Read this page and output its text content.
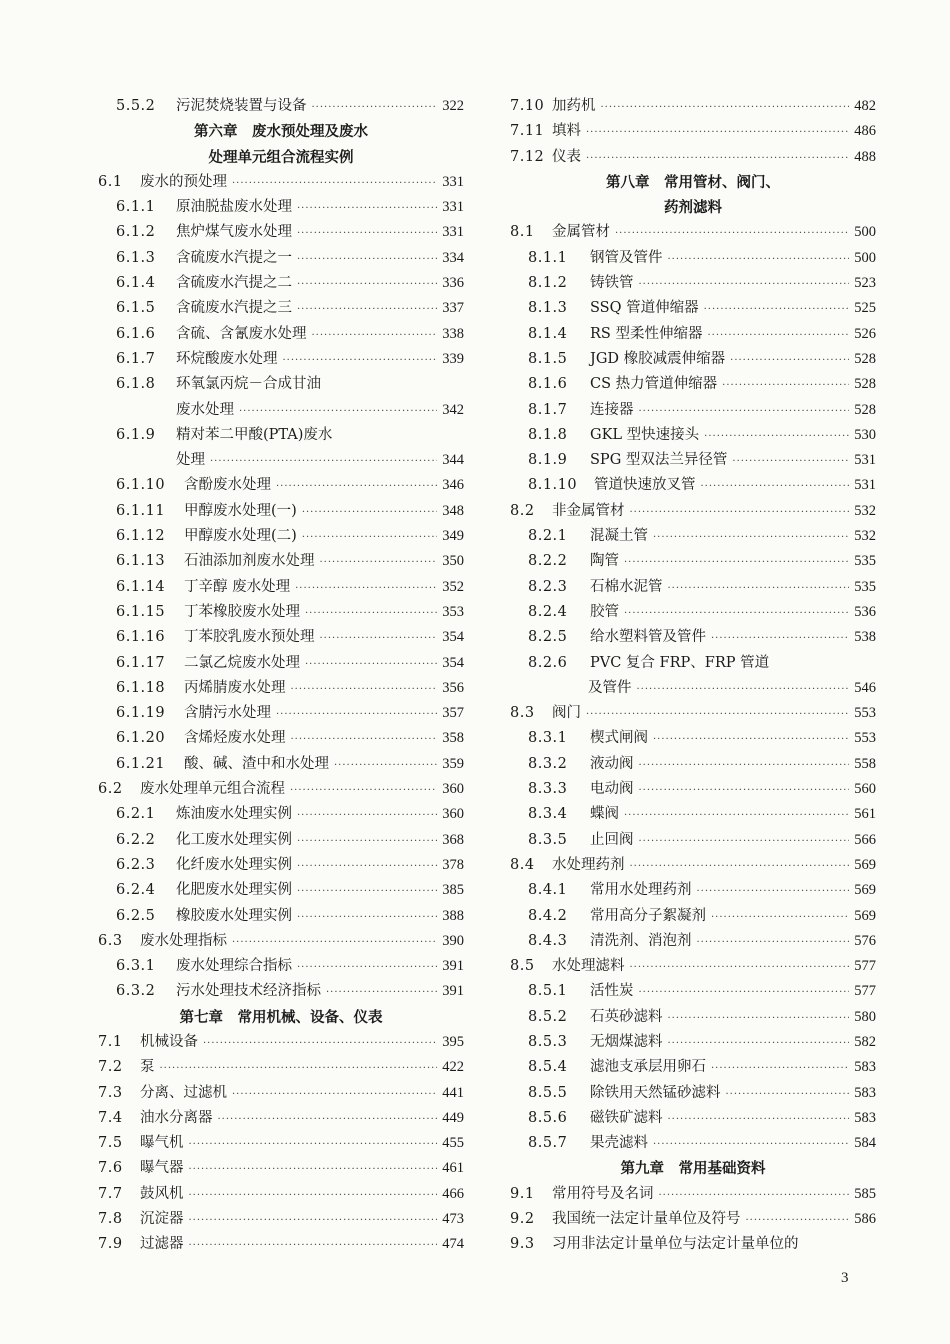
5.5.2	污泥焚烧装置与设备 ·····	322
第六章　废水预处理及废水
处理单元组合流程实例
6.1	废水的预处理 ·····	331
6.1.1	原油脱盐废水处理 ·····	331
6.1.2	焦炉煤气废水处理 ·····	331
6.1.3	含硫废水汽提之一 ·····	334
6.1.4	含硫废水汽提之二 ·····	336
6.1.5	含硫废水汽提之三 ·····	337
6.1.6	含硫、含氰废水处理 ·····	338
6.1.7	环烷酸废水处理 ·····	339
6.1.8	环氧氯丙烷－合成甘油
废水处理 ·····	342
6.1.9	精对苯二甲酸(PTA)废水
处理 ·····	344
6.1.10	含酚废水处理 ·····	346
6.1.11	甲醇废水处理(一) ·····	348
6.1.12	甲醇废水处理(二) ·····	349
6.1.13	石油添加剂废水处理 ·····	350
6.1.14	丁辛醇 废水处理 ·····	352
6.1.15	丁苯橡胶废水处理 ·····	353
6.1.16	丁苯胶乳废水预处理 ·····	354
6.1.17	二氯乙烷废水处理 ·····	354
6.1.18	丙烯腈废水处理 ·····	356
6.1.19	含腈污水处理 ·····	357
6.1.20	含烯烃废水处理 ·····	358
6.1.21	酸、碱、渣中和水处理 ·····	359
6.2	废水处理单元组合流程 ·····	360
6.2.1	炼油废水处理实例 ·····	360
6.2.2	化工废水处理实例 ·····	368
6.2.3	化纤废水处理实例 ·····	378
6.2.4	化肥废水处理实例 ·····	385
6.2.5	橡胶废水处理实例 ·····	388
6.3	废水处理指标 ·····	390
6.3.1	废水处理综合指标 ·····	391
6.3.2	污水处理技术经济指标 ·····	391
第七章　常用机械、设备、仪表
7.1	机械设备 ·····	395
7.2	泵 ·····	422
7.3	分离、过滤机 ·····	441
7.4	油水分离器 ·····	449
7.5	曝气机 ·····	455
7.6	曝气器 ·····	461
7.7	鼓风机 ·····	466
7.8	沉淀器 ·····	473
7.9	过滤器 ·····	474
7.10 加药机 ·····	482
7.11 填料 ·····	486
7.12 仪表 ·····	488
第八章　常用管材、阀门、
药剂滤料
8.1	金属管材 ·····	500
8.1.1	钢管及管件 ·····	500
8.1.2	铸铁管 ·····	523
8.1.3	SSQ 管道伸缩器 ·····	525
8.1.4	RS 型柔性伸缩器 ·····	526
8.1.5	JGD 橡胶减震伸缩器 ·····	528
8.1.6	CS 热力管道伸缩器 ·····	528
8.1.7	连接器 ·····	528
8.1.8	GKL 型快速接头 ·····	530
8.1.9	SPG 型双法兰异径管 ·····	531
8.1.10	管道快速放叉管 ·····	531
8.2	非金属管材 ·····	532
8.2.1	混凝土管 ·····	532
8.2.2	陶管 ·····	535
8.2.3	石棉水泥管 ·····	535
8.2.4	胶管 ·····	536
8.2.5	给水塑料管及管件 ·····	538
8.2.6	PVC 复合 FRP、FRP 管道
及管件 ·····	546
8.3	阀门 ·····	553
8.3.1	楔式闸阀 ·····	553
8.3.2	液动阀 ·····	558
8.3.3	电动阀 ·····	560
8.3.4	蝶阀 ·····	561
8.3.5	止回阀 ·····	566
8.4	水处理药剂 ·····	569
8.4.1	常用水处理药剂 ·····	569
8.4.2	常用高分子絮凝剂 ·····	569
8.4.3	清洗剂、消泡剂 ·····	576
8.5	水处理滤料 ·····	577
8.5.1	活性炭 ·····	577
8.5.2	石英砂滤料 ·····	580
8.5.3	无烟煤滤料 ·····	582
8.5.4	滤池支承层用卵石 ·····	583
8.5.5	除铁用天然锰砂滤料 ·····	583
8.5.6	磁铁矿滤料 ·····	583
8.5.7	果壳滤料 ·····	584
第九章　常用基础资料
9.1	常用符号及名词 ·····	585
9.2	我国统一法定计量单位及符号 ·····	586
9.3	习用非法定计量单位与法定计量单位的
3
